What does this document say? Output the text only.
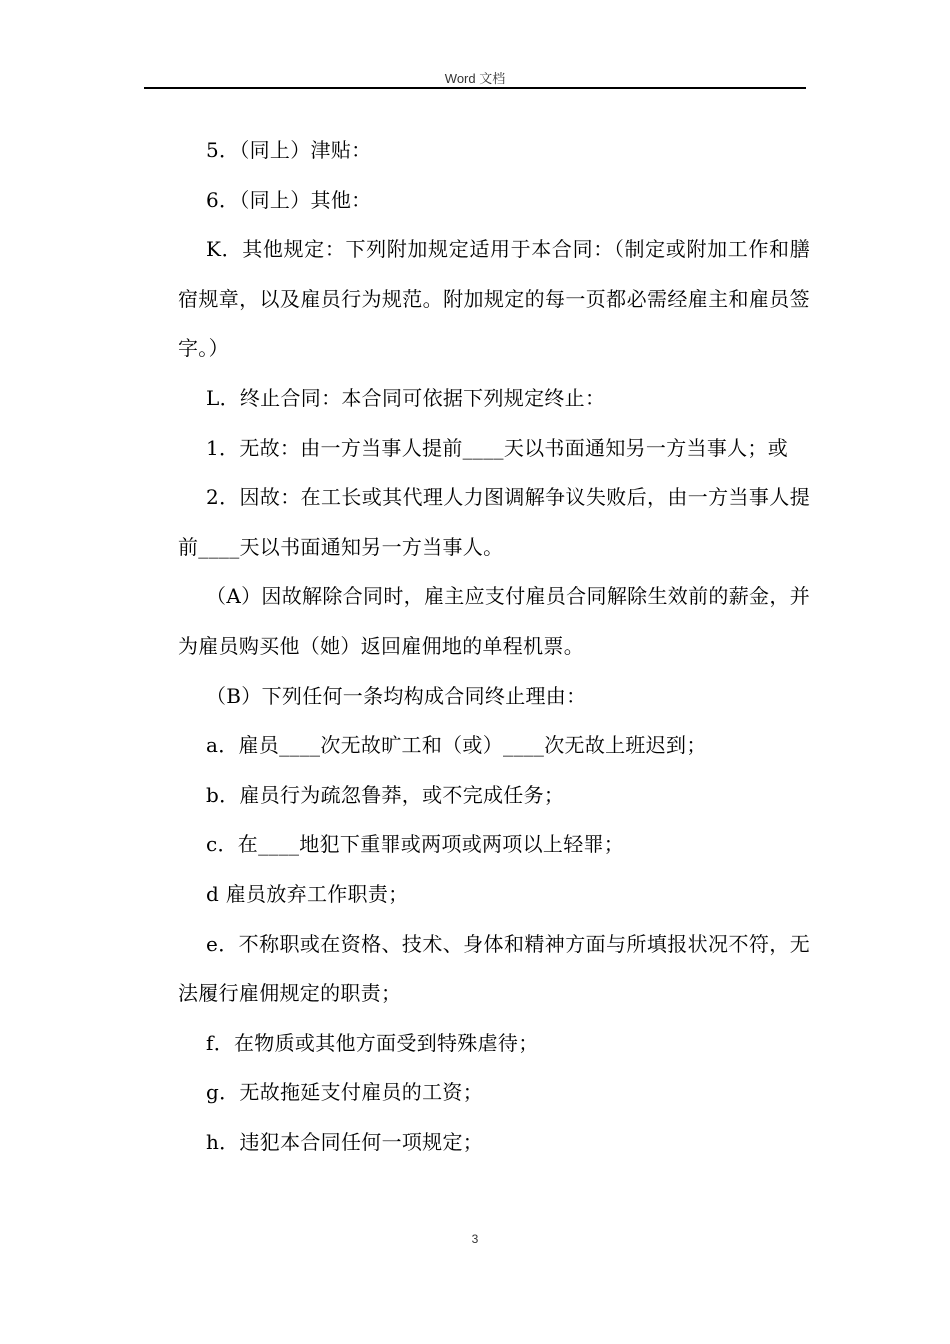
Word 文档

5．（同上）津贴：

6．（同上）其他：

K．其他规定：下列附加规定适用于本合同：（制定或附加工作和膳宿规章，以及雇员行为规范。附加规定的每一页都必需经雇主和雇员签字。）

L．终止合同：本合同可依据下列规定终止：

1．无故：由一方当事人提前____天以书面通知另一方当事人；或

2．因故：在工长或其代理人力图调解争议失败后，由一方当事人提前____天以书面通知另一方当事人。

（A）因故解除合同时，雇主应支付雇员合同解除生效前的薪金，并为雇员购买他（她）返回雇佣地的单程机票。

（B）下列任何一条均构成合同终止理由：

a．雇员____次无故旷工和（或）____次无故上班迟到；

b．雇员行为疏忽鲁莽，或不完成任务；

c．在____地犯下重罪或两项或两项以上轻罪；

d 雇员放弃工作职责；

e．不称职或在资格、技术、身体和精神方面与所填报状况不符，无法履行雇佣规定的职责；

f．在物质或其他方面受到特殊虐待；

g．无故拖延支付雇员的工资；

h．违犯本合同任何一项规定；

3
